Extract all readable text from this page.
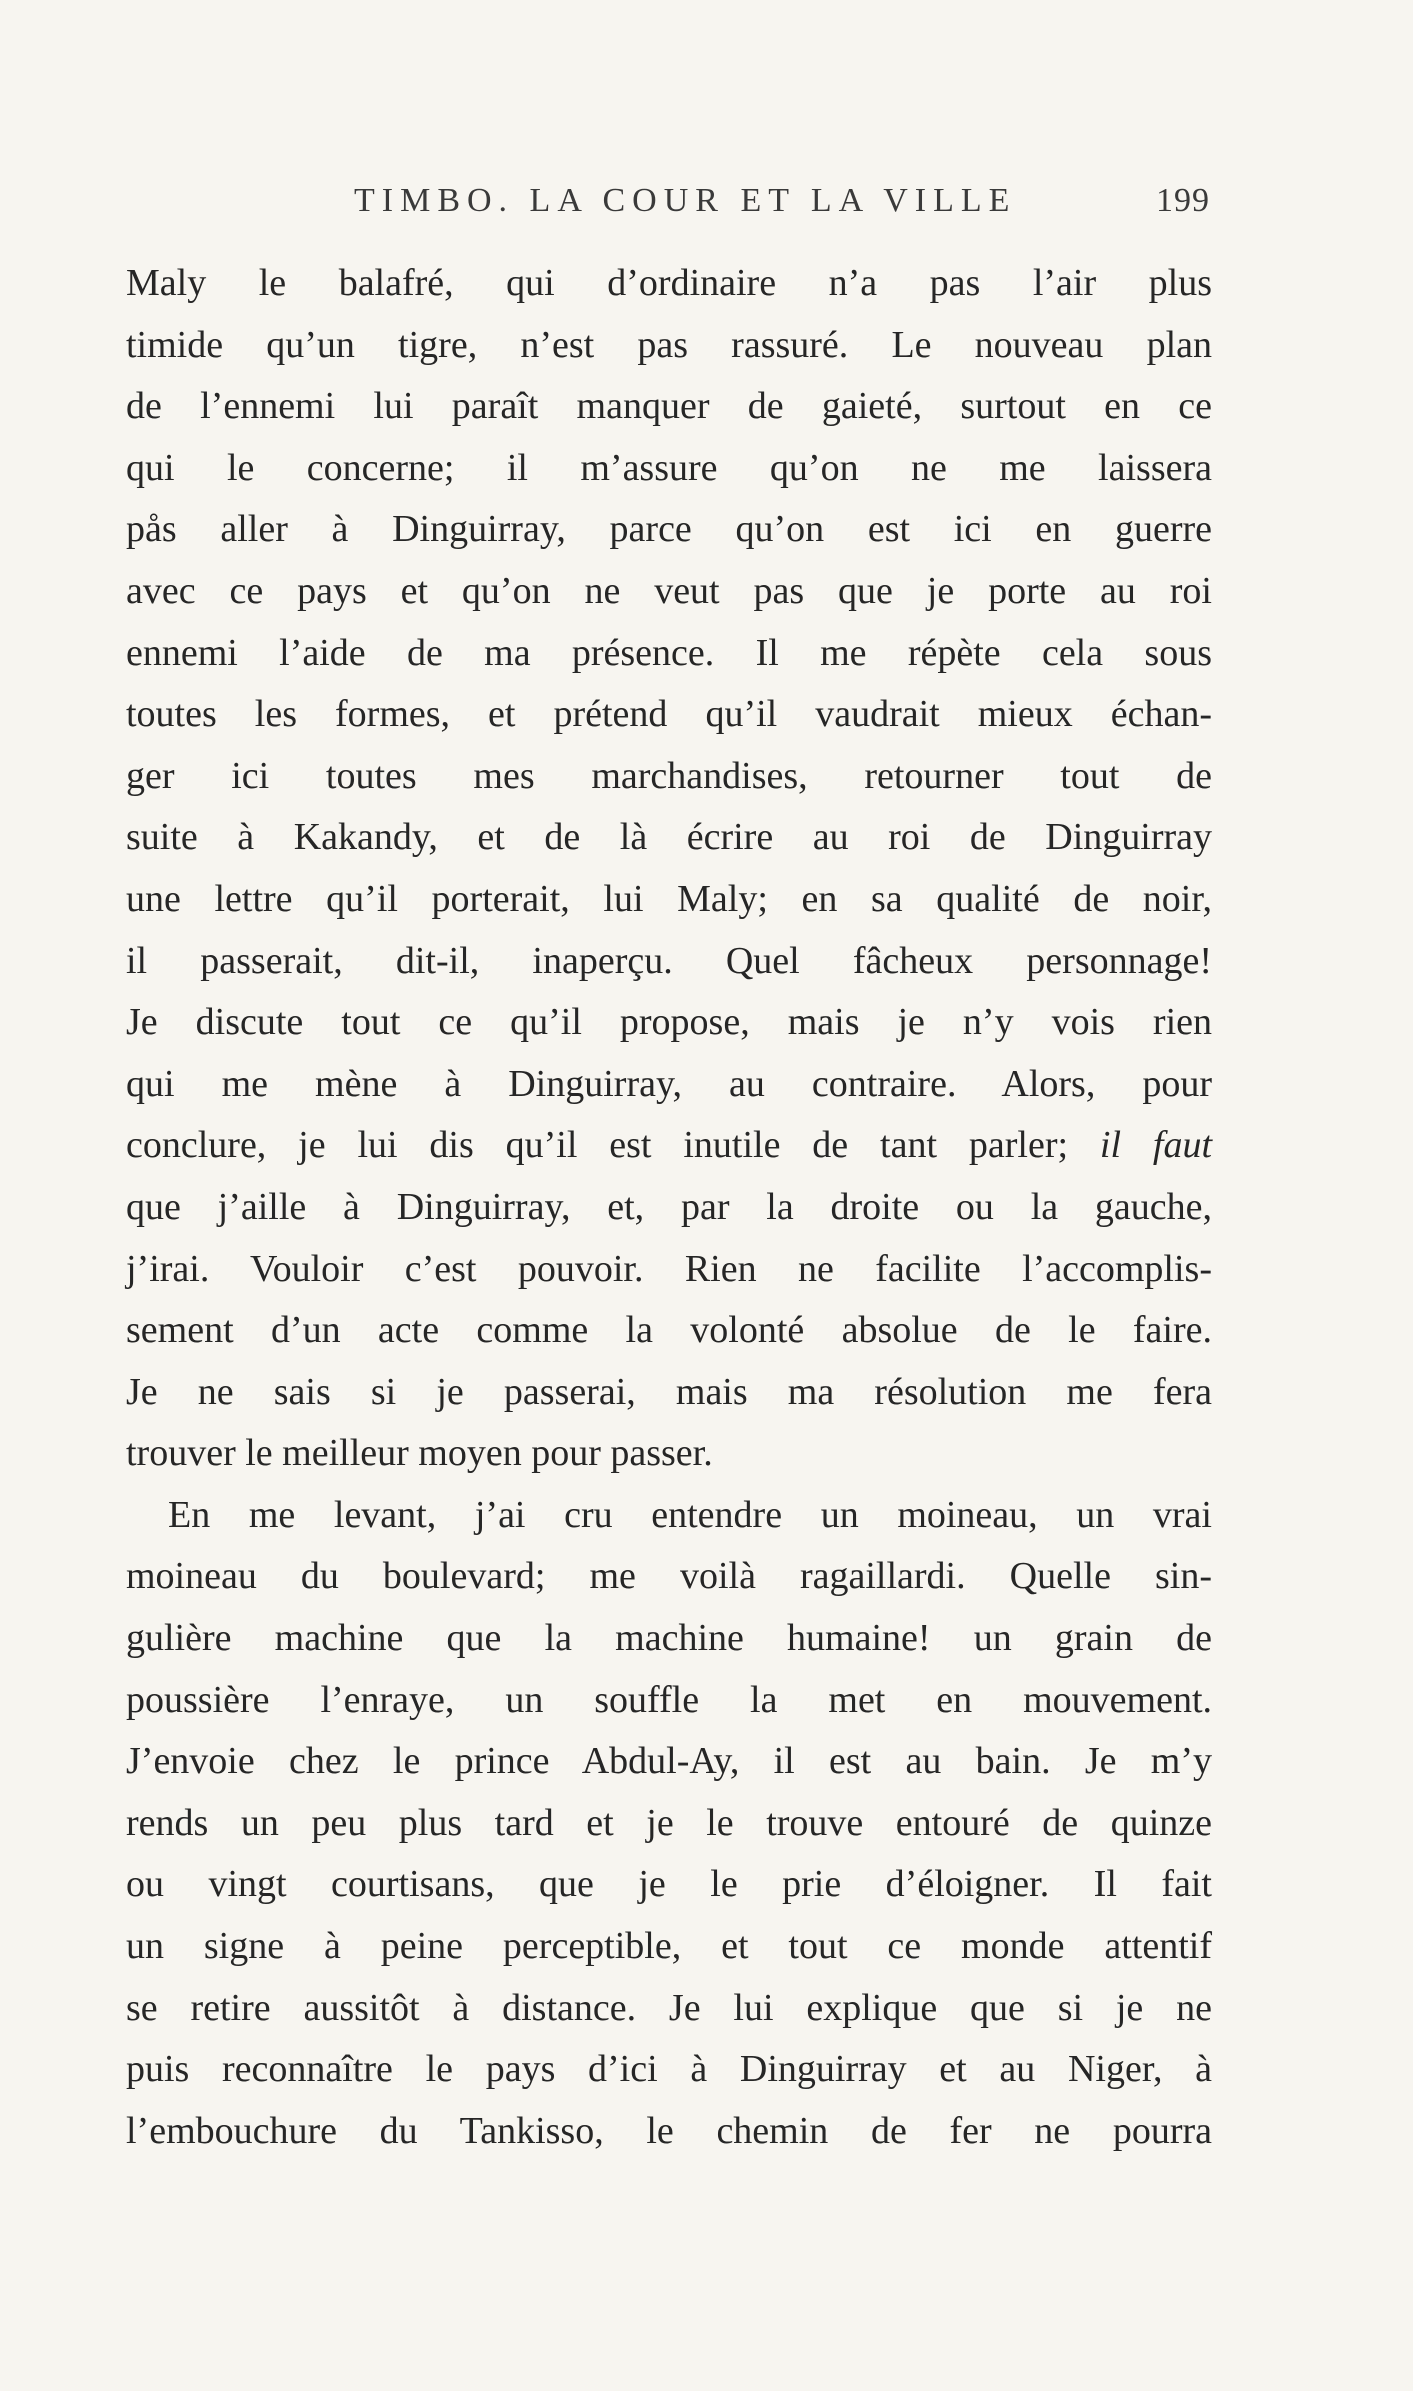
TIMBO. LA COUR ET LA VILLE	199
Maly le balafré, qui d’ordinaire n’a pas l’air plus
timide qu’un tigre, n’est pas rassuré. Le nouveau plan
de l’ennemi lui paraît manquer de gaieté, surtout en ce
qui le concerne; il m’assure qu’on ne me laissera
pås aller à Dinguirray, parce qu’on est ici en guerre
avec ce pays et qu’on ne veut pas que je porte au roi
ennemi l’aide de ma présence. Il me répète cela sous
toutes les formes, et prétend qu’il vaudrait mieux échan-
ger ici toutes mes marchandises, retourner tout de
suite à Kakandy, et de là écrire au roi de Dinguirray
une lettre qu’il porterait, lui Maly; en sa qualité de noir,
il passerait, dit-il, inaperçu. Quel fâcheux personnage!
Je discute tout ce qu’il propose, mais je n’y vois rien
qui me mène à Dinguirray, au contraire. Alors, pour
conclure, je lui dis qu’il est inutile de tant parler; il faut
que j’aille à Dinguirray, et, par la droite ou la gauche,
j’irai. Vouloir c’est pouvoir. Rien ne facilite l’accomplis-
sement d’un acte comme la volonté absolue de le faire.
Je ne sais si je passerai, mais ma résolution me fera
trouver le meilleur moyen pour passer.
En me levant, j’ai cru entendre un moineau, un vrai
moineau du boulevard; me voilà ragaillardi. Quelle sin-
gulière machine que la machine humaine! un grain de
poussière l’enraye, un souffle la met en mouvement.
J’envoie chez le prince Abdul-Ay, il est au bain. Je m’y
rends un peu plus tard et je le trouve entouré de quinze
ou vingt courtisans, que je le prie d’éloigner. Il fait
un signe à peine perceptible, et tout ce monde attentif
se retire aussitôt à distance. Je lui explique que si je ne
puis reconnaître le pays d’ici à Dinguirray et au Niger, à
l’embouchure du Tankisso, le chemin de fer ne pourra
